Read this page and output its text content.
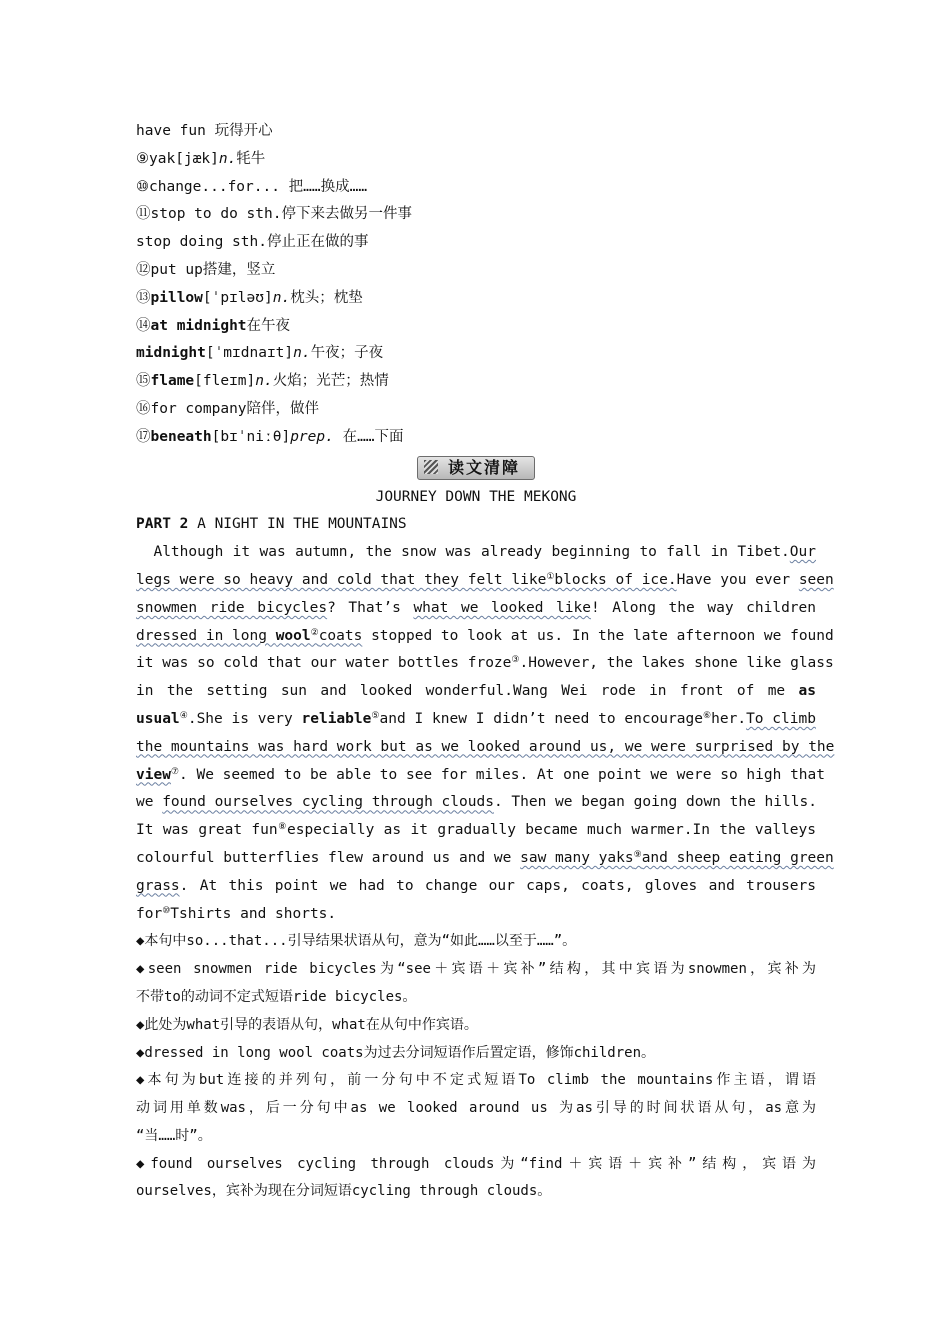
have fun 玩得开心
⑨yak[jæk]n.牦牛
⑩change...for... 把……换成……
⑪stop to do sth.停下来去做另一件事
stop doing sth.停止正在做的事
⑫put up搭建，竖立
⑬pillow[ˈpɪləʊ]n.枕头；枕垫
⑭at midnight在午夜
midnight[ˈmɪdnaɪt]n.午夜；子夜
⑮flame[fleɪm]n.火焰；光芒；热情
⑯for company陪伴，做伴
⑰beneath[bɪˈniːθ]prep. 在……下面
读文清障
JOURNEY DOWN THE MEKONG
PART 2 A NIGHT IN THE MOUNTAINS
  Although it was autumn, the snow was already beginning to fall in Tibet.Our
legs were so heavy and cold that they felt like①blocks of ice.Have you ever seen
snowmen ride bicycles? That’s what we looked like! Along the way children
dressed in long wool②coats stopped to look at us. In the late afternoon we found
it was so cold that our water bottles froze③.However, the lakes shone like glass
in the setting sun and looked wonderful.Wang Wei rode in front of me as
usual④.She is very reliable⑤and I knew I didn’t need to encourage⑥her.To climb
the mountains was hard work but as we looked around us, we were surprised by the
view⑦. We seemed to be able to see for miles. At one point we were so high that
we found ourselves cycling through clouds. Then we began going down the hills.
It was great fun⑧especially as it gradually became much warmer.In the valleys
colourful butterflies flew around us and we saw many yaks⑨and sheep eating green
grass. At this point we had to change our caps, coats, gloves and trousers
for⑩Tshirts and shorts.
◆本句中so...that...引导结果状语从句，意为“如此……以至于……”。
◆seen snowmen ride bicycles为“see＋宾语＋宾补”结构，其中宾语为snowmen，宾补为
不带to的动词不定式短语ride bicycles。
◆此处为what引导的表语从句，what在从句中作宾语。
◆dressed in long wool coats为过去分词短语作后置定语，修饰children。
◆本句为but连接的并列句，前一分句中不定式短语To climb the mountains作主语，谓语
动词用单数was，后一分句中as we looked around us 为as引导的时间状语从句，as意为
“当……时”。
◆found ourselves cycling through clouds为“find＋宾语＋宾补”结构，宾语为
ourselves，宾补为现在分词短语cycling through clouds。
